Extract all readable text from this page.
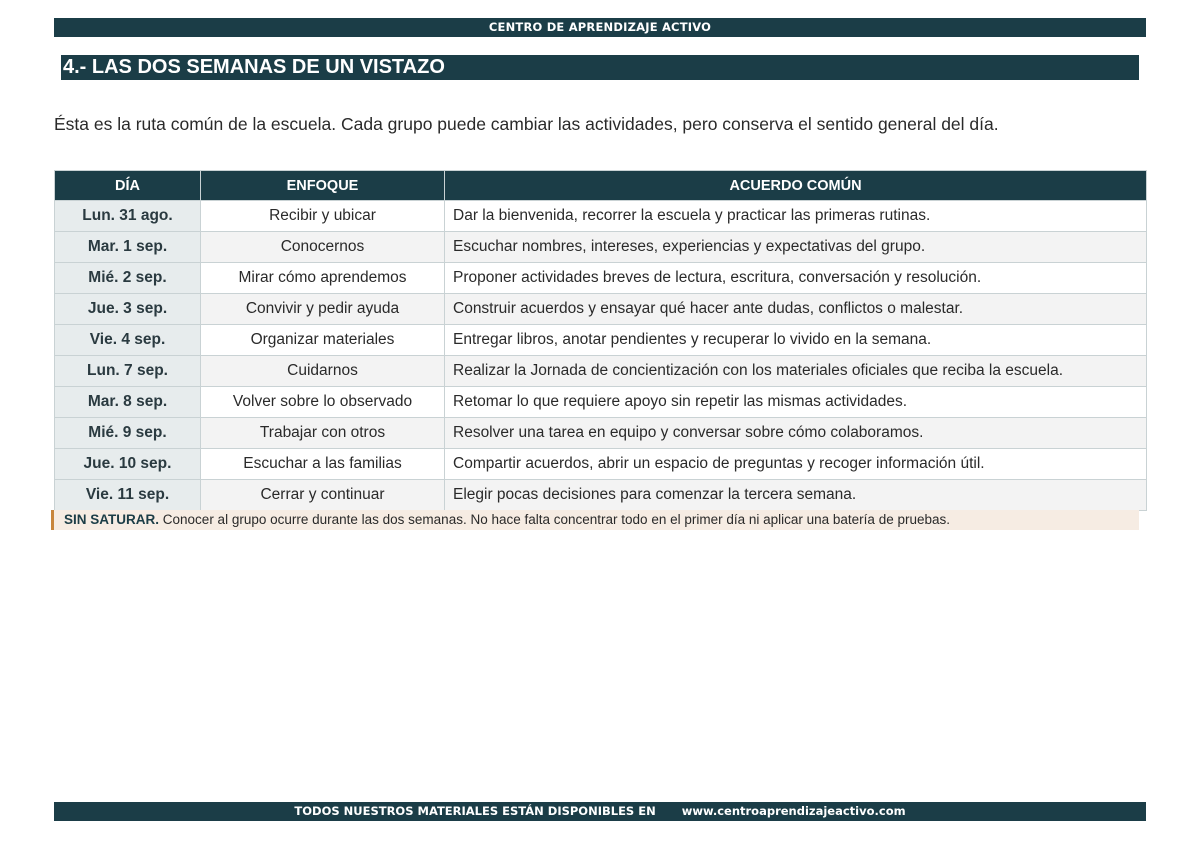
CENTRO DE APRENDIZAJE ACTIVO
4.- LAS DOS SEMANAS DE UN VISTAZO
Ésta es la ruta común de la escuela. Cada grupo puede cambiar las actividades, pero conserva el sentido general del día.
DÍA	ENFOQUE	ACUERDO COMÚN
Lun. 31 ago.	Recibir y ubicar	Dar la bienvenida, recorrer la escuela y practicar las primeras rutinas.
Mar. 1 sep.	Conocernos	Escuchar nombres, intereses, experiencias y expectativas del grupo.
Mié. 2 sep.	Mirar cómo aprendemos	Proponer actividades breves de lectura, escritura, conversación y resolución.
Jue. 3 sep.	Convivir y pedir ayuda	Construir acuerdos y ensayar qué hacer ante dudas, conflictos o malestar.
Vie. 4 sep.	Organizar materiales	Entregar libros, anotar pendientes y recuperar lo vivido en la semana.
Lun. 7 sep.	Cuidarnos	Realizar la Jornada de concientización con los materiales oficiales que reciba la escuela.
Mar. 8 sep.	Volver sobre lo observado	Retomar lo que requiere apoyo sin repetir las mismas actividades.
Mié. 9 sep.	Trabajar con otros	Resolver una tarea en equipo y conversar sobre cómo colaboramos.
Jue. 10 sep.	Escuchar a las familias	Compartir acuerdos, abrir un espacio de preguntas y recoger información útil.
Vie. 11 sep.	Cerrar y continuar	Elegir pocas decisiones para comenzar la tercera semana.
SIN SATURAR. Conocer al grupo ocurre durante las dos semanas. No hace falta concentrar todo en el primer día ni aplicar una batería de pruebas.
TODOS NUESTROS MATERIALES ESTÁN DISPONIBLES EN www.centroaprendizajeactivo.com
